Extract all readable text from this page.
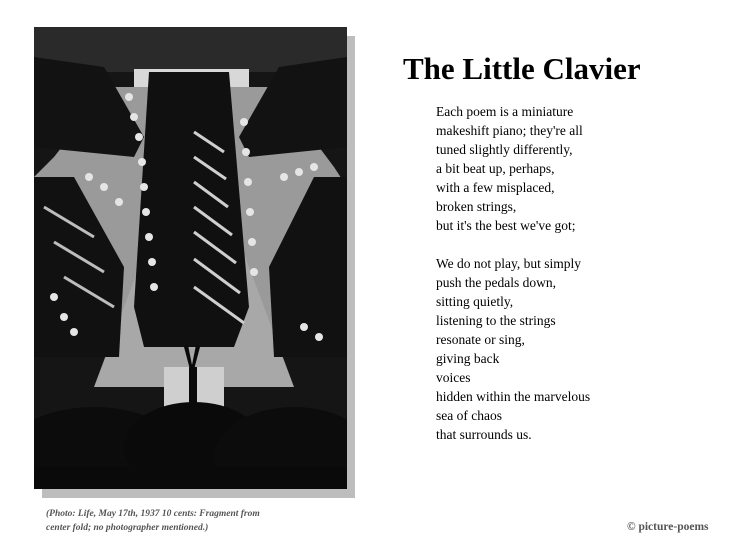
(Photo: Life, May 17th, 1937 10 cents: Fragment from center fold; no photographer mentioned.)
The Little Clavier
Each poem is a miniature
makeshift piano; they're all
tuned slightly differently,
a bit beat up, perhaps,
with a few misplaced,
broken strings,
but it's the best we've got;
We do not play, but simply
push the pedals down,
sitting quietly,
listening to the strings
resonate or sing,
giving back
voices
hidden within the marvelous
sea of chaos
that surrounds us.
© picture-poems
